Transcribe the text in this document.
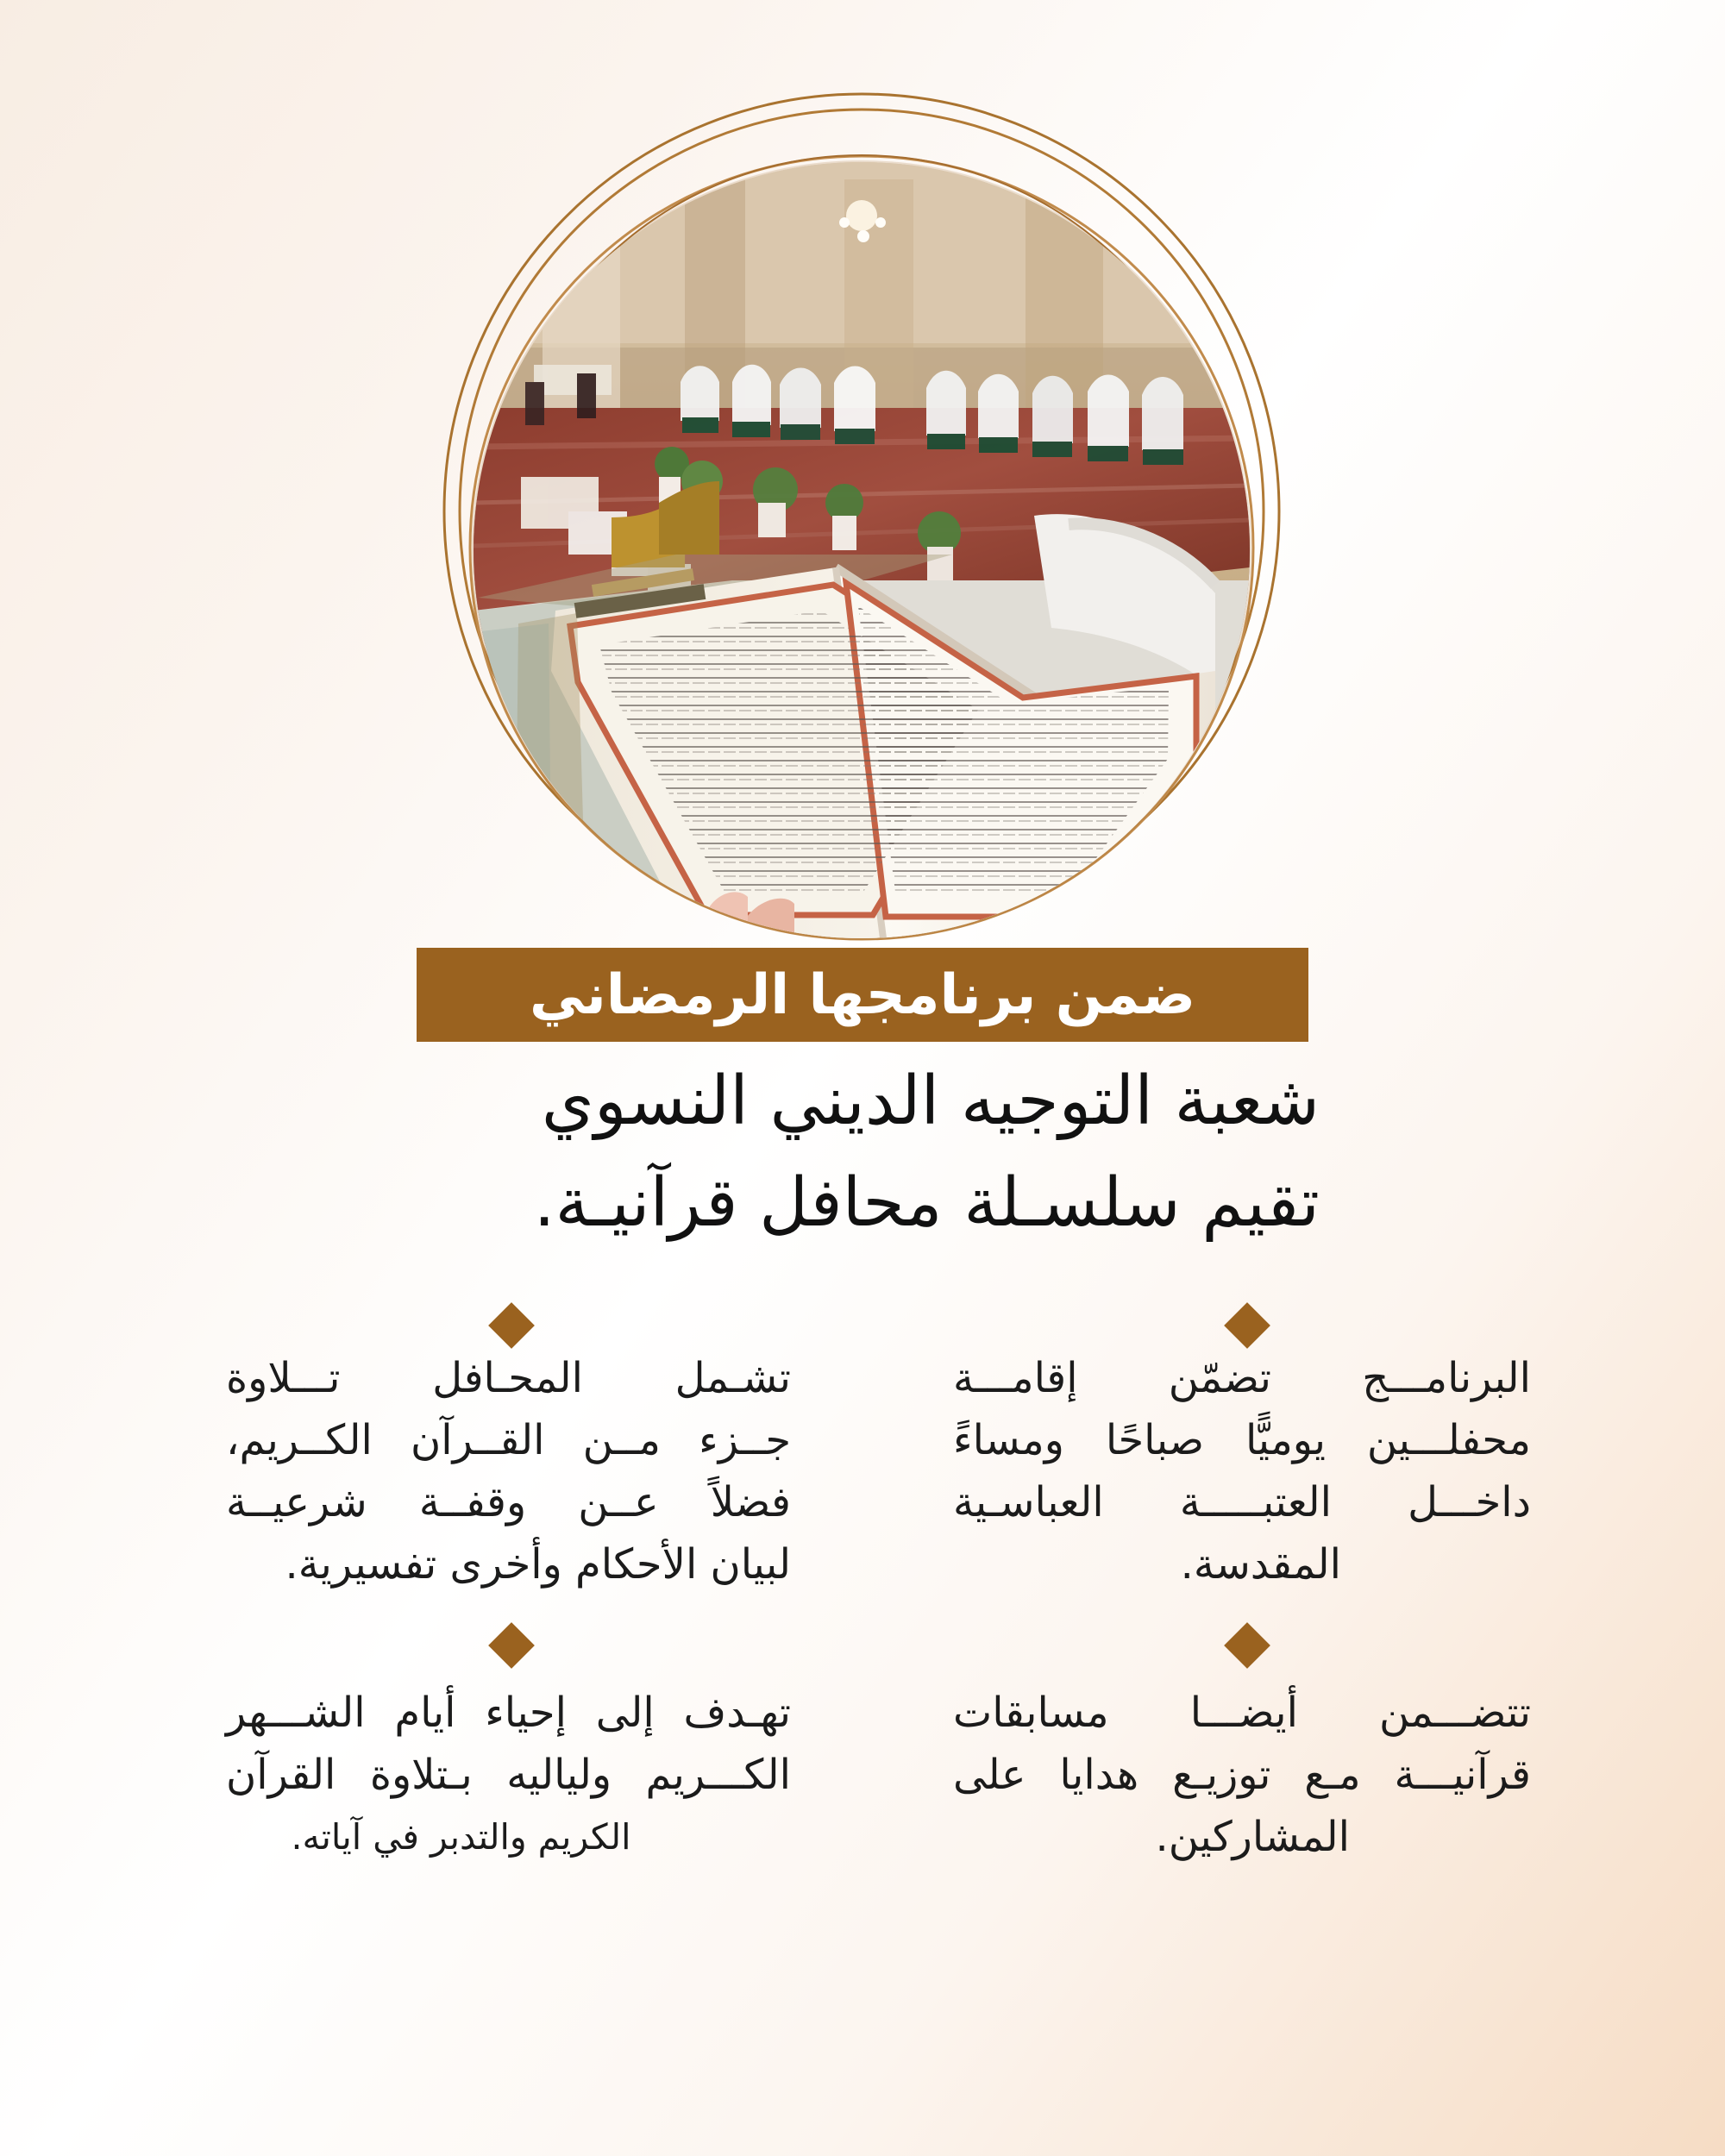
ضمن برنامجها الرمضاني
شعبة التوجيه الديني النسوي
تقيم سلسـلة محافل قرآنيـة.
البرنامـــج تضمّن إقامـــة
محفلـــين يوميًّا صباحًا ومساءً
داخـــل العتبـــــة العباسـية
المقدسة.
تشـمل المحـافل تـــلاوة
جــزء مــن القــرآن الكــريم،
فضلاً عــن وقفــة شرعيــة
لبيان الأحكام وأخرى تفسيرية.
تتضـــمن أيضـــا مسابقات
قرآنيـــة مـع توزيـع هدايا على
المشاركين.
تهـدف إلى إحياء أيام الشـــهر
الكـــريم ولياليه بـتلاوة القرآن
الكريم والتدبر في آياته.
